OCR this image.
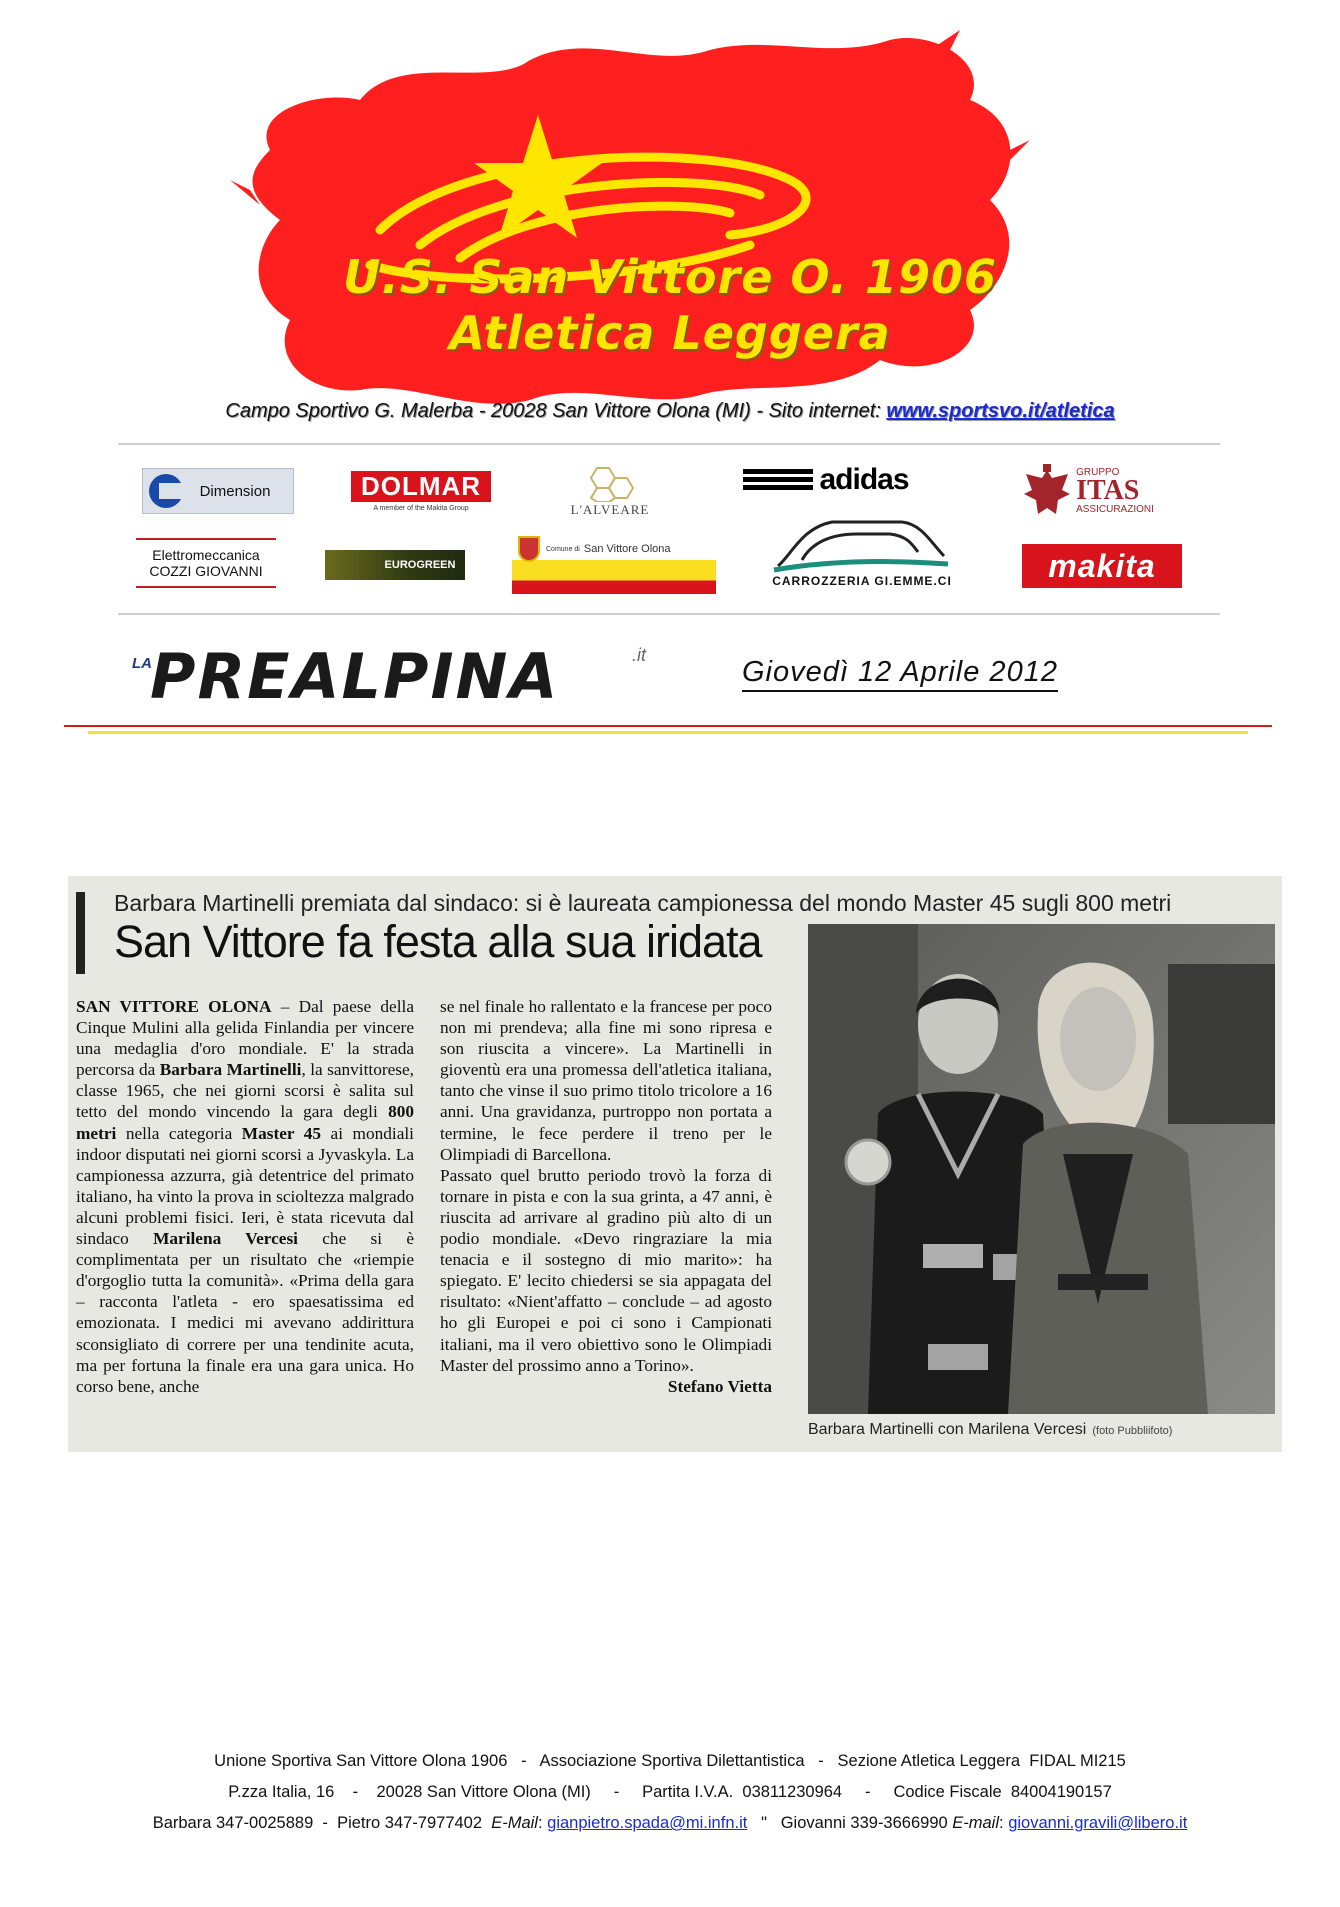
U.S. San Vittore O. 1906
Atletica Leggera
Campo Sportivo G. Malerba - 20028 San Vittore Olona (MI) - Sito internet: www.sportsvo.it/atletica
Dimension	DOLMAR
A member of the Makita Group	L'ALVEARE
adidas	GRUPPO
ITAS
ASSICURAZIONI
Elettromeccanica
COZZI GIOVANNI	EUROGREEN
Comune di San Vittore Olona
CARROZZERIA GI.EMME.CI	makita
LA
PREALPINA	.it
Giovedì 12 Aprile 2012
Barbara Martinelli premiata dal sindaco: si è laureata campionessa del mondo Master 45 sugli 800 metri
San Vittore fa festa alla sua iridata

SAN VITTORE OLONA – Dal paese della Cinque Mulini alla gelida Finlandia per vincere una medaglia d'oro mondiale. E' la strada percorsa da Barbara Martinelli, la sanvittorese, classe 1965, che nei giorni scorsi è salita sul tetto del mondo vincendo la gara degli 800 metri nella categoria Master 45 ai mondiali indoor disputati nei giorni scorsi a Jyvaskyla. La campionessa azzurra, già detentrice del primato italiano, ha vinto la prova in scioltezza malgrado alcuni problemi fisici. Ieri, è stata ricevuta dal sindaco Marilena Vercesi che si è complimentata per un risultato che «riempie d'orgoglio tutta la comunità». «Prima della gara – racconta l'atleta - ero spaesatissima ed emozionata. I medici mi avevano addirittura sconsigliato di correre per una tendinite acuta, ma per fortuna la finale era una gara unica. Ho corso bene, anche

se nel finale ho rallentato e la francese per poco non mi prendeva; alla fine mi sono ripresa e son riuscita a vincere». La Martinelli in gioventù era una promessa dell'atletica italiana, tanto che vinse il suo primo titolo tricolore a 16 anni. Una gravidanza, purtroppo non portata a termine, le fece perdere il treno per le Olimpiadi di Barcellona.

Passato quel brutto periodo trovò la forza di tornare in pista e con la sua grinta, a 47 anni, è riuscita ad arrivare al gradino più alto di un podio mondiale. «Devo ringraziare la mia tenacia e il sostegno di mio marito»: ha spiegato. E' lecito chiedersi se sia appagata del risultato: «Nient'affatto – conclude – ad agosto ho gli Europei e poi ci sono i Campionati italiani, ma il vero obiettivo sono le Olimpiadi Master del prossimo anno a Torino».

Stefano Vietta

Barbara Martinelli con Marilena Vercesi (foto Pubbliifoto)
Unione Sportiva San Vittore Olona 1906   -   Associazione Sportiva Dilettantistica   -   Sezione Atletica Leggera  FIDAL MI215
P.zza Italia, 16    -    20028 San Vittore Olona (MI)     -     Partita I.V.A.  03811230964     -     Codice Fiscale  84004190157
Barbara 347-0025889  -  Pietro 347-7977402  E-Mail: gianpietro.spada@mi.infn.it   "   Giovanni 339-3666990 E-mail: giovanni.gravili@libero.it
